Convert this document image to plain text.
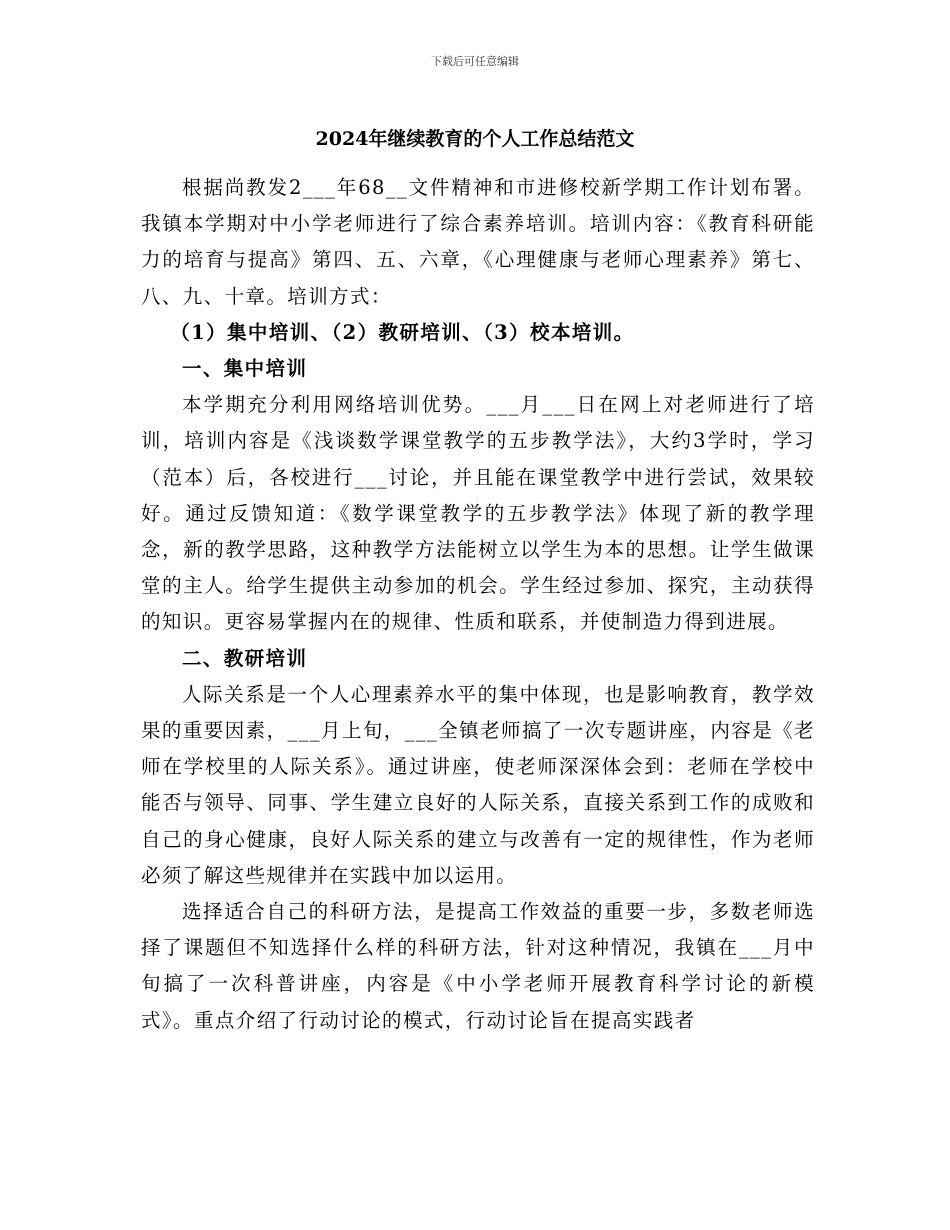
下载后可任意编辑
2024年继续教育的个人工作总结范文

根据尚教发2___年68__文件精神和市进修校新学期工作计划布署。我镇本学期对中小学老师进行了综合素养培训。培训内容：《教育科研能力的培育与提高》第四、五、六章，《心理健康与老师心理素养》第七、八、九、十章。培训方式：

（1）集中培训、（2）教研培训、（3）校本培训。

一、集中培训

本学期充分利用网络培训优势。___月___日在网上对老师进行了培训，培训内容是《浅谈数学课堂教学的五步教学法》，大约3学时，学习（范本）后，各校进行___讨论，并且能在课堂教学中进行尝试，效果较好。通过反馈知道：《数学课堂教学的五步教学法》体现了新的教学理念，新的教学思路，这种教学方法能树立以学生为本的思想。让学生做课堂的主人。给学生提供主动参加的机会。学生经过参加、探究，主动获得的知识。更容易掌握内在的规律、性质和联系，并使制造力得到进展。

二、教研培训

人际关系是一个人心理素养水平的集中体现，也是影响教育，教学效果的重要因素，___月上旬，___全镇老师搞了一次专题讲座，内容是《老师在学校里的人际关系》。通过讲座，使老师深深体会到：老师在学校中能否与领导、同事、学生建立良好的人际关系，直接关系到工作的成败和自己的身心健康，良好人际关系的建立与改善有一定的规律性，作为老师必须了解这些规律并在实践中加以运用。

选择适合自己的科研方法，是提高工作效益的重要一步，多数老师选择了课题但不知选择什么样的科研方法，针对这种情况，我镇在___月中旬搞了一次科普讲座，内容是《中小学老师开展教育科学讨论的新模式》。重点介绍了行动讨论的模式，行动讨论旨在提高实践者
